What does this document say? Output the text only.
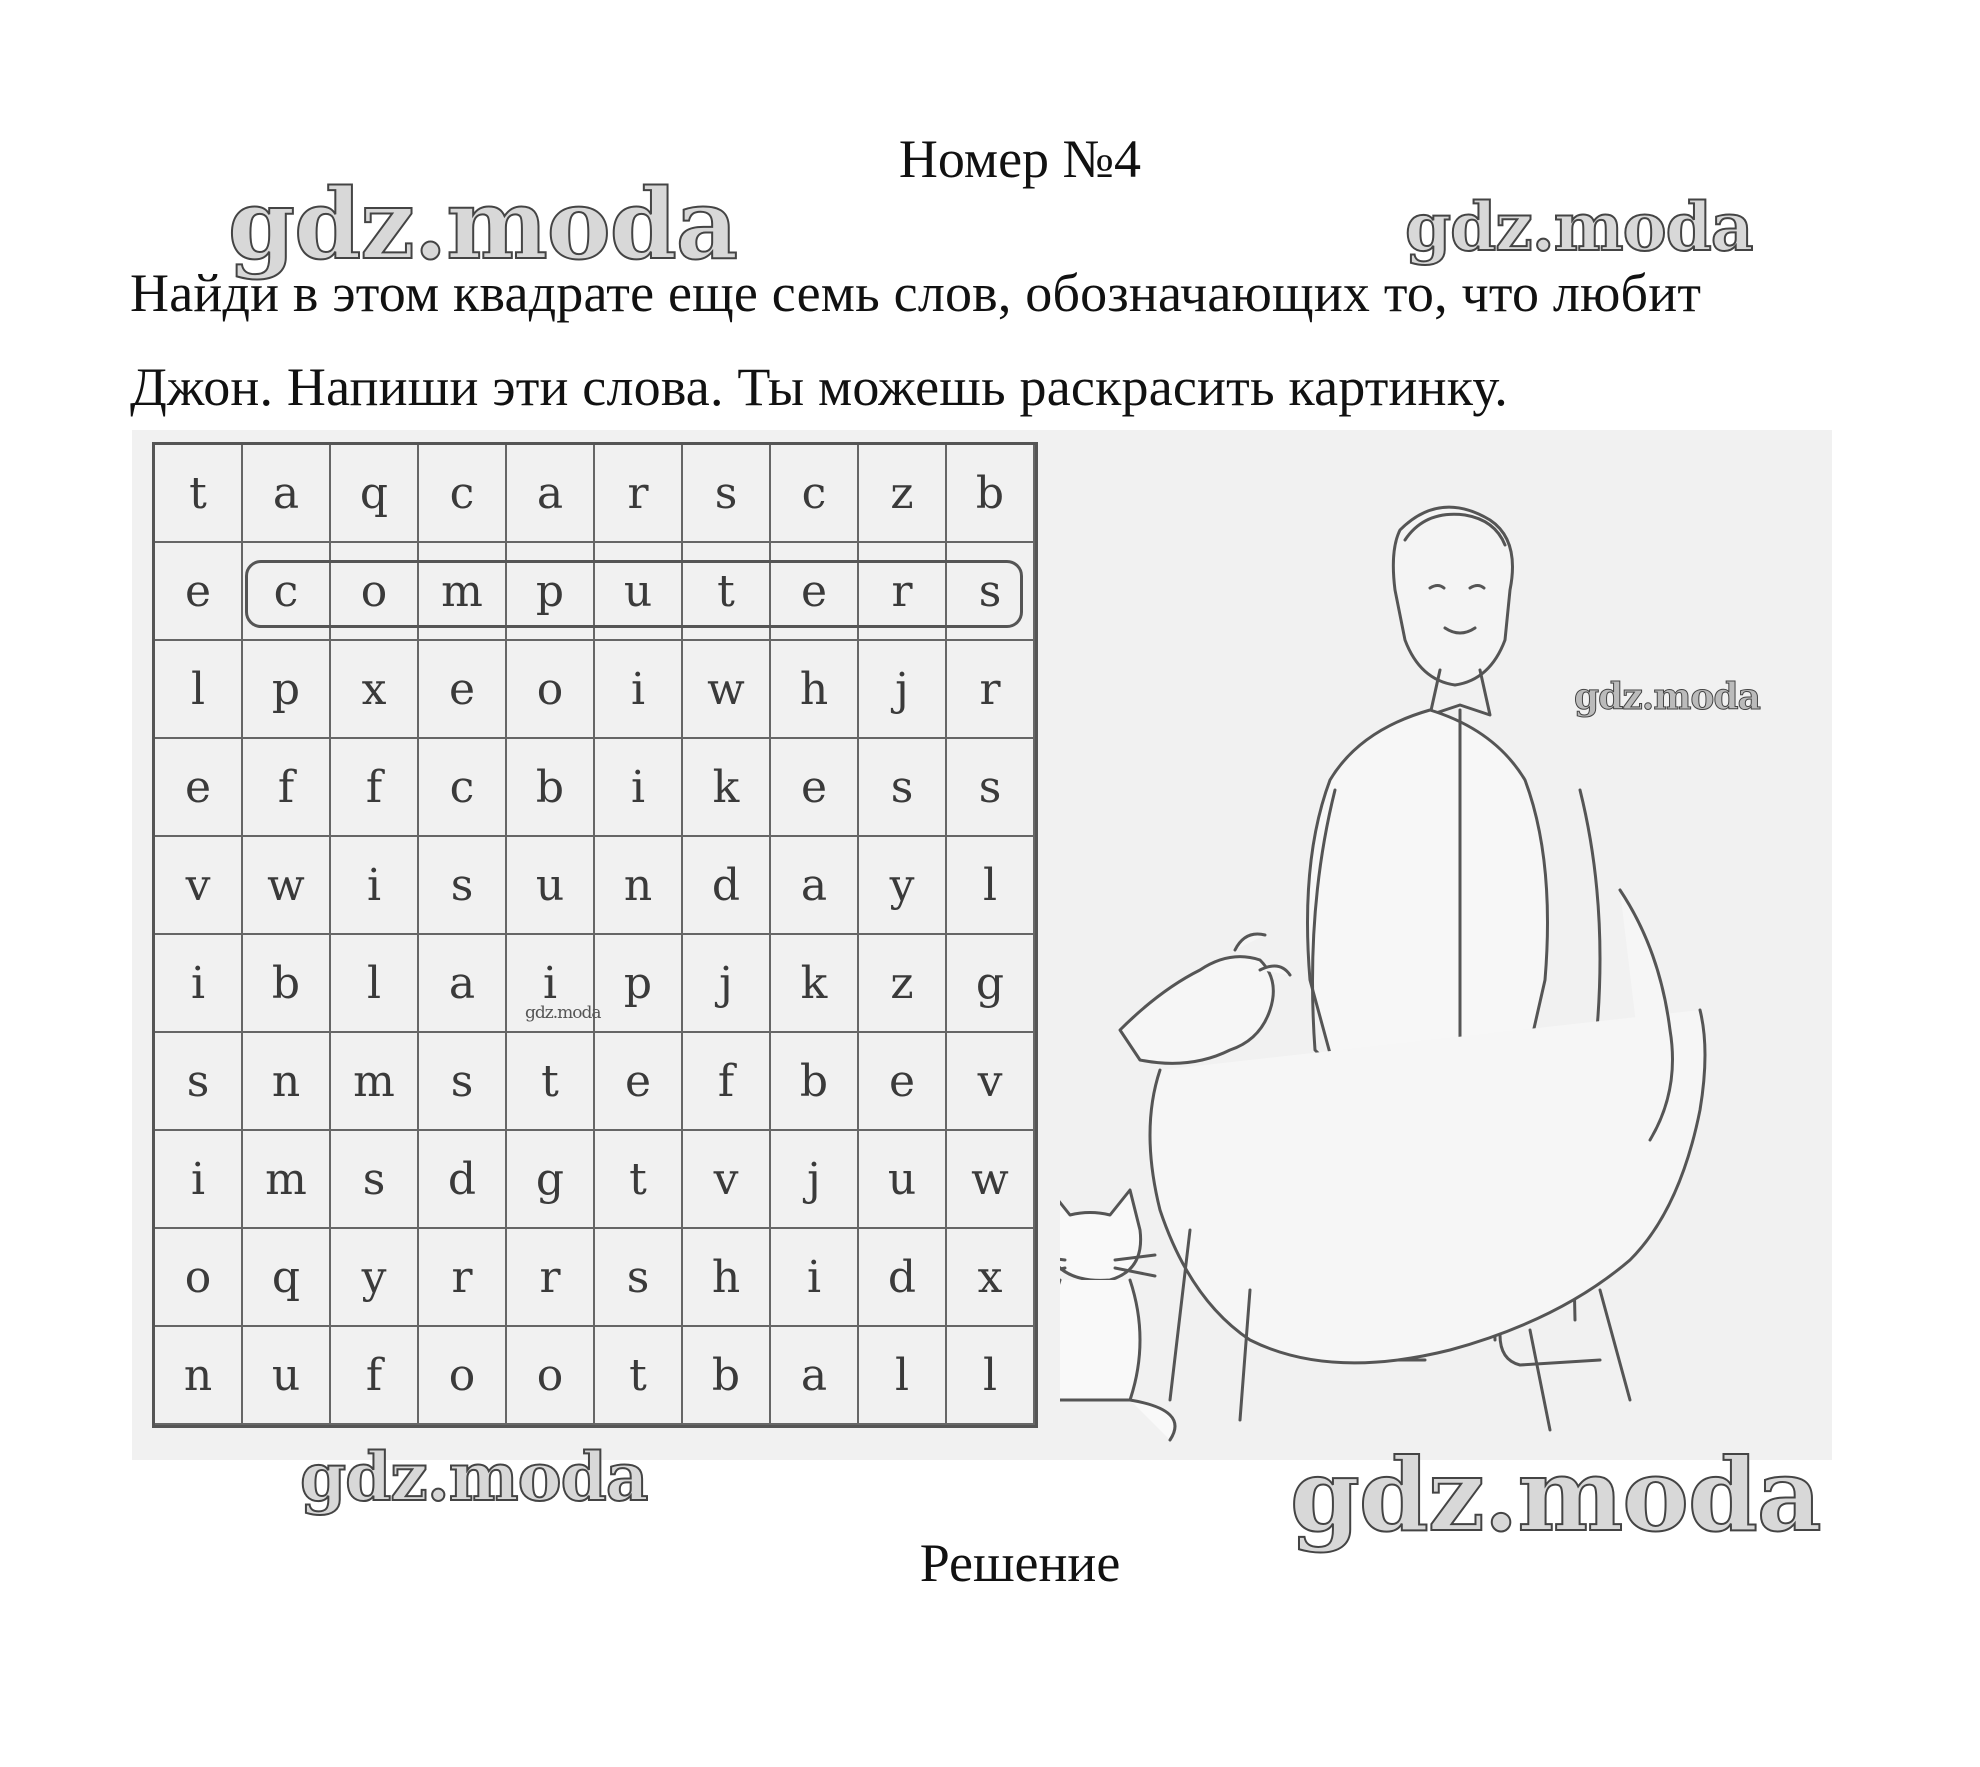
Номер №4
Найди в этом квадрате еще семь слов, обозначающих то, что любит
Джон. Напиши эти слова. Ты можешь раскрасить картинку.
t	a	q	c	a	r	s	c	z	b
e	c	o	m	p	u	t	e	r	s
l	p	x	e	o	i	w	h	j	r
e	f	f	c	b	i	k	e	s	s
v	w	i	s	u	n	d	a	y	l
i	b	l	a	i	p	j	k	z	g
s	n	m	s	t	e	f	b	e	v
i	m	s	d	g	t	v	j	u	w
o	q	y	r	r	s	h	i	d	x
n	u	f	o	o	t	b	a	l	l
gdz.moda	gdz.moda
gdz.moda
gdz.moda
gdz.moda	gdz.moda
Решение
